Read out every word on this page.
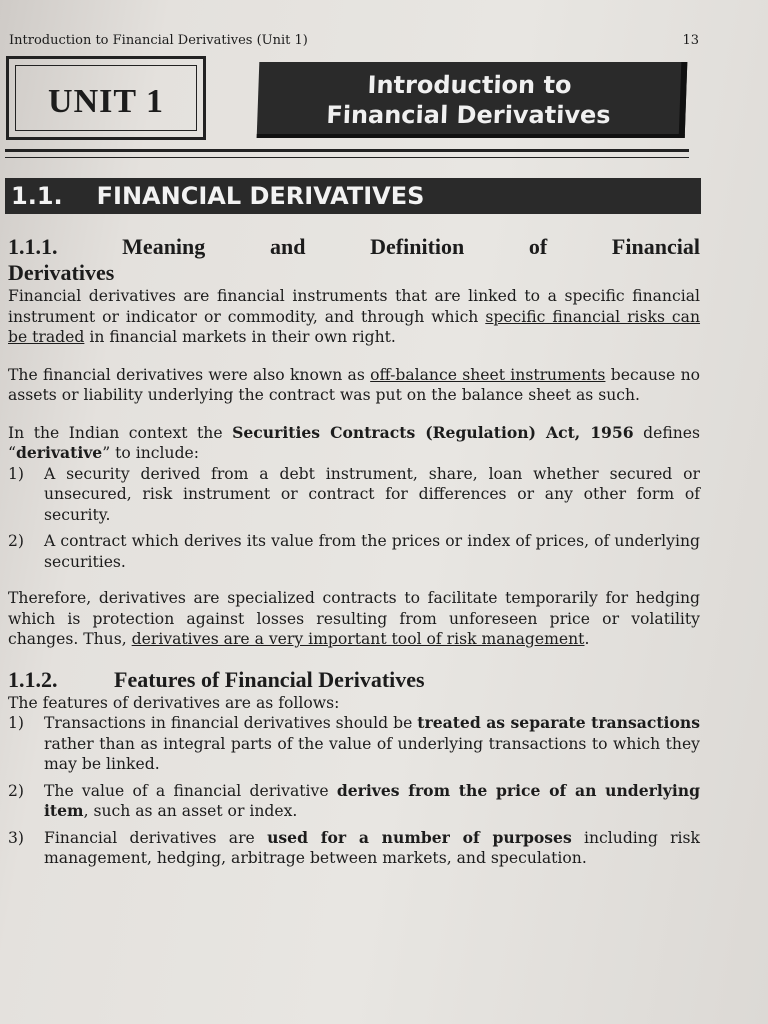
Introduction to Financial Derivatives (Unit 1)	13
UNIT 1	Introduction to
Financial Derivatives
1.1. FINANCIAL DERIVATIVES
1.1.1.	Meaning	and	Definition	of	Financial
Derivatives

Financial derivatives are financial instruments that are linked to a specific financial instrument or indicator or commodity, and through which specific financial risks can be traded in financial markets in their own right.

The financial derivatives were also known as off-balance sheet instruments because no assets or liability underlying the contract was put on the balance sheet as such.

In the Indian context the Securities Contracts (Regulation) Act, 1956 defines “derivative” to include:

1)	A security derived from a debt instrument, share, loan whether secured or unsecured, risk instrument or contract for differences or any other form of security.
2)	A contract which derives its value from the prices or index of prices, of underlying securities.

Therefore, derivatives are specialized contracts to facilitate temporarily for hedging which is protection against losses resulting from unforeseen price or volatility changes. Thus, derivatives are a very important tool of risk management.

1.1.2.	Features of Financial Derivatives

The features of derivatives are as follows:

1)	Transactions in financial derivatives should be treated as separate transactions rather than as integral parts of the value of underlying transactions to which they may be linked.
2)	The value of a financial derivative derives from the price of an underlying item, such as an asset or index.
3)	Financial derivatives are used for a number of purposes including risk management, hedging, arbitrage between markets, and speculation.
